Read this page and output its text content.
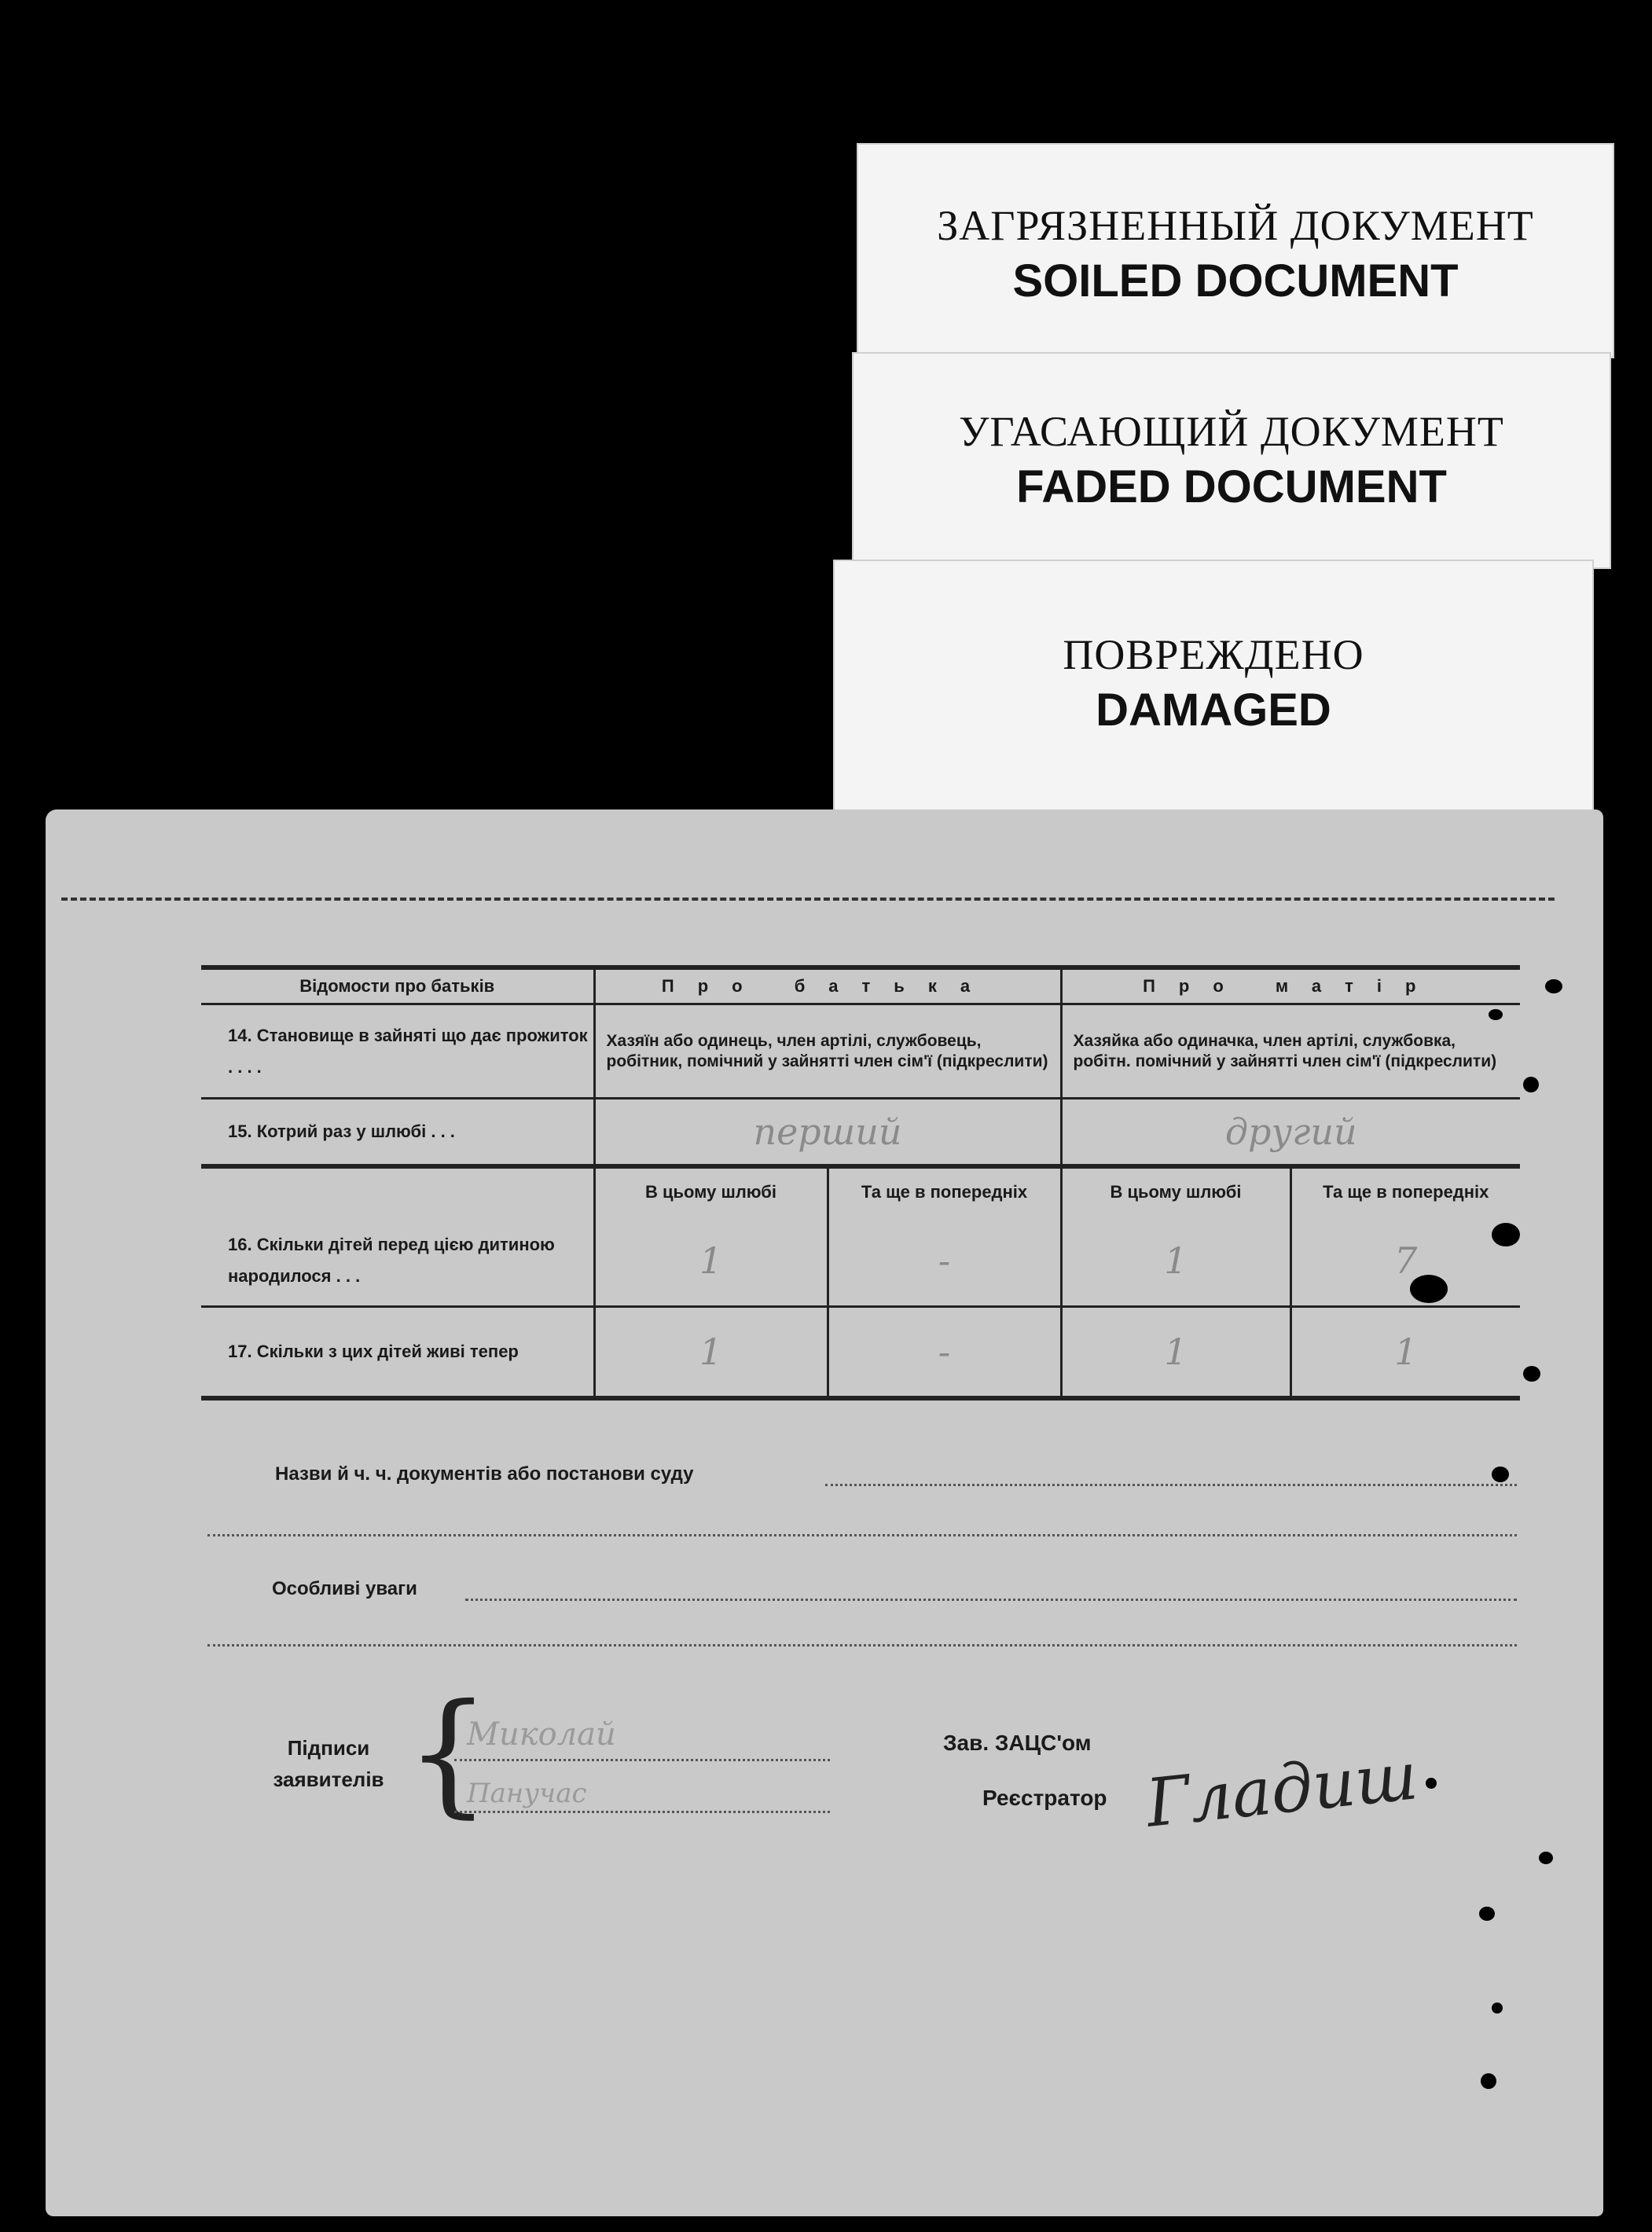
ЗАГРЯЗНЕННЫЙ ДОКУМЕНТ
SOILED DOCUMENT
УГАСАЮЩИЙ ДОКУМЕНТ
FADED DOCUMENT
ПОВРЕЖДЕНО
DAMAGED
Відомости про батьків	Про батька		Про матір	
14. Становище в зайняті що дає прожиток . . . .	Хазяїн або одинець, член артілі, службовець, робітник, помічний у зайнятті член сім'ї (підкреслити)		Хазяйка або одиначка, член артілі, службовка, робітн. помічний у зайнятті член сім'ї (підкреслити)	
15. Котрий раз у шлюбі . . .	перший		другий	
	В цьому шлюбі	Та ще в попередніх	В цьому шлюбі	Та ще в попередніх
16. Скільки дітей перед цією дитиною народилося . . .	1	-	1	7
17. Скільки з цих дітей живі тепер	1	-	1	1
Назви й ч. ч. документів або постанови суду
Особливі уваги
Підписи
заявителів {
Миколай
Панучас
Зав. ЗАЦС'ом
Реєстратор Гладиш
